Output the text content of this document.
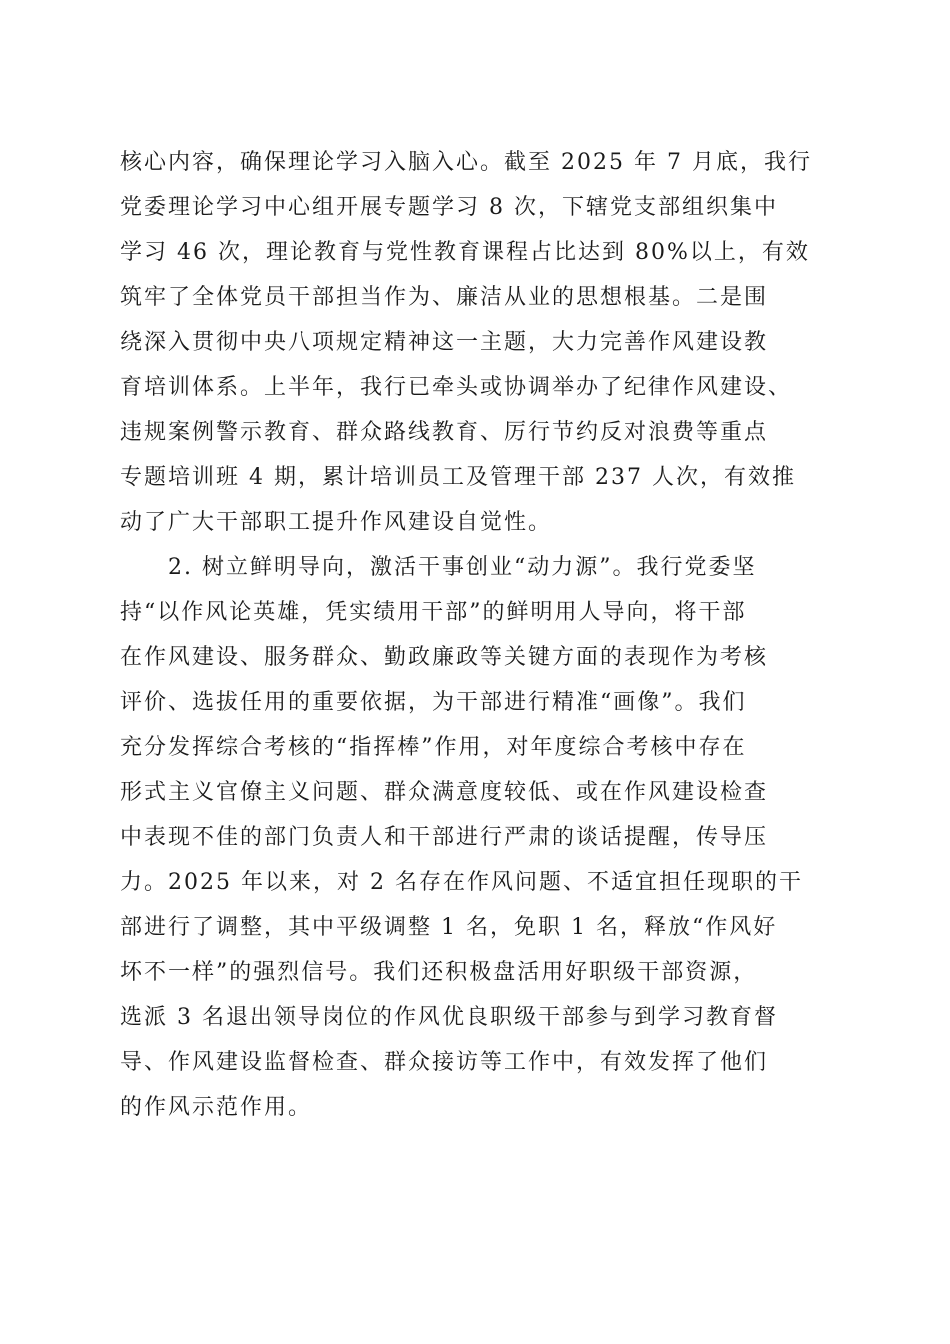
核心内容，确保理论学习入脑入心。截至 2025 年 7 月底，我行
党委理论学习中心组开展专题学习 8 次，下辖党支部组织集中
学习 46 次，理论教育与党性教育课程占比达到 80%以上，有效
筑牢了全体党员干部担当作为、廉洁从业的思想根基。二是围
绕深入贯彻中央八项规定精神这一主题，大力完善作风建设教
育培训体系。上半年，我行已牵头或协调举办了纪律作风建设、
违规案例警示教育、群众路线教育、厉行节约反对浪费等重点
专题培训班 4 期，累计培训员工及管理干部 237 人次，有效推
动了广大干部职工提升作风建设自觉性。
2. 树立鲜明导向，激活干事创业“动力源”。我行党委坚
持“以作风论英雄，凭实绩用干部”的鲜明用人导向，将干部
在作风建设、服务群众、勤政廉政等关键方面的表现作为考核
评价、选拔任用的重要依据，为干部进行精准“画像”。我们
充分发挥综合考核的“指挥棒”作用，对年度综合考核中存在
形式主义官僚主义问题、群众满意度较低、或在作风建设检查
中表现不佳的部门负责人和干部进行严肃的谈话提醒，传导压
力。2025 年以来，对 2 名存在作风问题、不适宜担任现职的干
部进行了调整，其中平级调整 1 名，免职 1 名，释放“作风好
坏不一样”的强烈信号。我们还积极盘活用好职级干部资源，
选派 3 名退出领导岗位的作风优良职级干部参与到学习教育督
导、作风建设监督检查、群众接访等工作中，有效发挥了他们
的作风示范作用。
